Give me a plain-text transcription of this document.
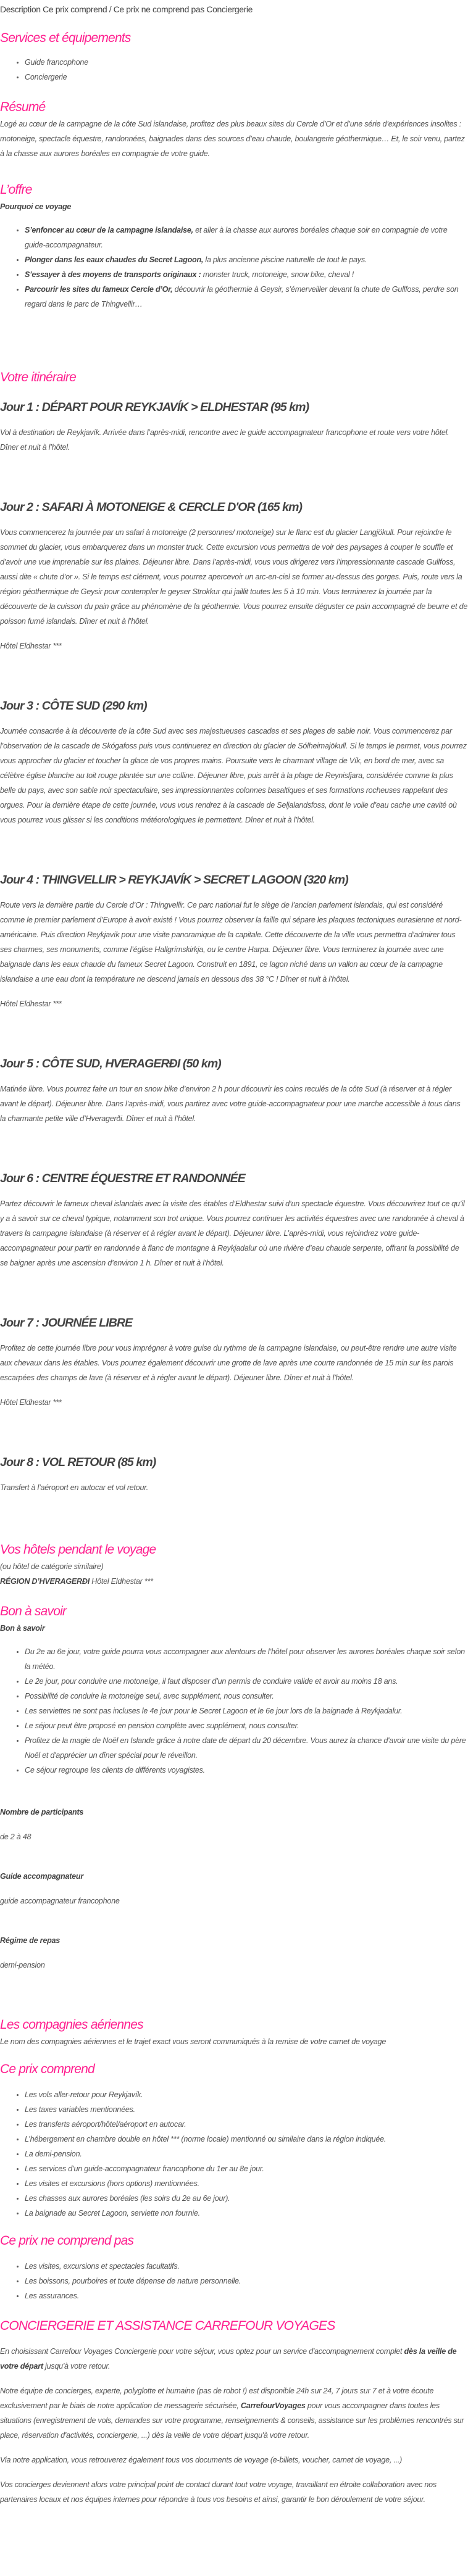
Description Ce prix comprend / Ce prix ne comprend pas Conciergerie
Services et équipements
• Guide francophone
• Conciergerie
Résumé

Logé au cœur de la campagne de la côte Sud islandaise, profitez des plus beaux sites du Cercle d’Or et d’une série d’expériences insolites : motoneige, spectacle équestre, randonnées, baignades dans des sources d’eau chaude, boulangerie géothermique… Et, le soir venu, partez à la chasse aux aurores boréales en compagnie de votre guide.

L’offre

Pourquoi ce voyage

• S’enfoncer au cœur de la campagne islandaise, et aller à la chasse aux aurores boréales chaque soir en compagnie de votre guide-accompagnateur.
• Plonger dans les eaux chaudes du Secret Lagoon, la plus ancienne piscine naturelle de tout le pays.
• S’essayer à des moyens de transports originaux : monster truck, motoneige, snow bike, cheval !
• Parcourir les sites du fameux Cercle d’Or, découvrir la géothermie à Geysir, s’émerveiller devant la chute de Gullfoss, perdre son regard dans le parc de Thingvellir…
Votre itinéraire
Jour 1 : DÉPART POUR REYKJAVÍK > ELDHESTAR (95 km)

Vol à destination de Reykjavík. Arrivée dans l’après-midi, rencontre avec le guide accompagnateur francophone et route vers votre hôtel. Dîner et nuit à l’hôtel.

Jour 2 : SAFARI À MOTONEIGE & CERCLE D'OR (165 km)

Vous commencerez la journée par un safari à motoneige (2 personnes/ motoneige) sur le flanc est du glacier Langjökull. Pour rejoindre le sommet du glacier, vous embarquerez dans un monster truck. Cette excursion vous permettra de voir des paysages à couper le souffle et d’avoir une vue imprenable sur les plaines. Déjeuner libre. Dans l’après-midi, vous vous dirigerez vers l’impressionnante cascade Gullfoss, aussi dite « chute d’or ». Si le temps est clément, vous pourrez apercevoir un arc-en-ciel se former au-dessus des gorges. Puis, route vers la région géothermique de Geysir pour contempler le geyser Strokkur qui jaillit toutes les 5 à 10 min. Vous terminerez la journée par la découverte de la cuisson du pain grâce au phénomène de la géothermie. Vous pourrez ensuite déguster ce pain accompagné de beurre et de poisson fumé islandais. Dîner et nuit à l’hôtel.

Hôtel Eldhestar ***

Jour 3 : CÔTE SUD (290 km)

Journée consacrée à la découverte de la côte Sud avec ses majestueuses cascades et ses plages de sable noir. Vous commencerez par l’observation de la cascade de Skógafoss puis vous continuerez en direction du glacier de Sólheimajökull. Si le temps le permet, vous pourrez vous approcher du glacier et toucher la glace de vos propres mains. Poursuite vers le charmant village de Vík, en bord de mer, avec sa célèbre église blanche au toit rouge plantée sur une colline. Déjeuner libre, puis arrêt à la plage de Reynisfjara, considérée comme la plus belle du pays, avec son sable noir spectaculaire, ses impressionnantes colonnes basaltiques et ses formations rocheuses rappelant des orgues. Pour la dernière étape de cette journée, vous vous rendrez à la cascade de Seljalandsfoss, dont le voile d’eau cache une cavité où vous pourrez vous glisser si les conditions météorologiques le permettent. Dîner et nuit à l’hôtel.

Jour 4 : THINGVELLIR > REYKJAVÍK > SECRET LAGOON (320 km)

Route vers la dernière partie du Cercle d’Or : Thingvellir. Ce parc national fut le siège de l’ancien parlement islandais, qui est considéré comme le premier parlement d’Europe à avoir existé ! Vous pourrez observer la faille qui sépare les plaques tectoniques eurasienne et nord-américaine. Puis direction Reykjavík pour une visite panoramique de la capitale. Cette découverte de la ville vous permettra d’admirer tous ses charmes, ses monuments, comme l’église Hallgrímskirkja, ou le centre Harpa. Déjeuner libre. Vous terminerez la journée avec une baignade dans les eaux chaude du fameux Secret Lagoon. Construit en 1891, ce lagon niché dans un vallon au cœur de la campagne islandaise a une eau dont la température ne descend jamais en dessous des 38 °C ! Dîner et nuit à l’hôtel.

Hôtel Eldhestar ***

Jour 5 : CÔTE SUD, HVERAGERÐI (50 km)

Matinée libre. Vous pourrez faire un tour en snow bike d’environ 2 h pour découvrir les coins reculés de la côte Sud (à réserver et à régler avant le départ). Déjeuner libre. Dans l’après-midi, vous partirez avec votre guide-accompagnateur pour une marche accessible à tous dans la charmante petite ville d’Hveragerði. Dîner et nuit à l’hôtel.

Jour 6 : CENTRE ÉQUESTRE ET RANDONNÉE

Partez découvrir le fameux cheval islandais avec la visite des étables d’Eldhestar suivi d’un spectacle équestre. Vous découvrirez tout ce qu’il y a à savoir sur ce cheval typique, notamment son trot unique. Vous pourrez continuer les activités équestres avec une randonnée à cheval à travers la campagne islandaise (à réserver et à régler avant le départ). Déjeuner libre. L’après-midi, vous rejoindrez votre guide-accompagnateur pour partir en randonnée à flanc de montagne à Reykjadalur où une rivière d’eau chaude serpente, offrant la possibilité de se baigner après une ascension d’environ 1 h. Dîner et nuit à l’hôtel.

Jour 7 : JOURNÉE LIBRE

Profitez de cette journée libre pour vous imprégner à votre guise du rythme de la campagne islandaise, ou peut-être rendre une autre visite aux chevaux dans les étables. Vous pourrez également découvrir une grotte de lave après une courte randonnée de 15 min sur les parois escarpées des champs de lave (à réserver et à régler avant le départ). Déjeuner libre. Dîner et nuit à l’hôtel.

Hôtel Eldhestar ***

Jour 8 : VOL RETOUR (85 km)

Transfert à l’aéroport en autocar et vol retour.

Vos hôtels pendant le voyage

(ou hôtel de catégorie similaire)

RÉGION D’HVERAGERÐI Hôtel Eldhestar ***

Bon à savoir

Bon à savoir

• Du 2e au 6e jour, votre guide pourra vous accompagner aux alentours de l’hôtel pour observer les aurores boréales chaque soir selon la météo.
• Le 2e jour, pour conduire une motoneige, il faut disposer d’un permis de conduire valide et avoir au moins 18 ans.
• Possibilité de conduire la motoneige seul, avec supplément, nous consulter.
• Les serviettes ne sont pas incluses le 4e jour pour le Secret Lagoon et le 6e jour lors de la baignade à Reykjadalur.
• Le séjour peut être proposé en pension complète avec supplément, nous consulter.
• Profitez de la magie de Noël en Islande grâce à notre date de départ du 20 décembre. Vous aurez la chance d'avoir une visite du père Noël et d'apprécier un dîner spécial pour le réveillon.
• Ce séjour regroupe les clients de différents voyagistes.

Nombre de participants

de 2 à 48

Guide accompagnateur

guide accompagnateur francophone

Régime de repas

demi-pension

Les compagnies aériennes

Le nom des compagnies aériennes et le trajet exact vous seront communiqués à la remise de votre carnet de voyage

Ce prix comprend
• Les vols aller-retour pour Reykjavík.
• Les taxes variables mentionnées.
• Les transferts aéroport/hôtel/aéroport en autocar.
• L’hébergement en chambre double en hôtel *** (norme locale) mentionné ou similaire dans la région indiquée.
• La demi-pension.
• Les services d’un guide-accompagnateur francophone du 1er au 8e jour.
• Les visites et excursions (hors options) mentionnées.
• Les chasses aux aurores boréales (les soirs du 2e au 6e jour).
• La baignade au Secret Lagoon, serviette non fournie.
Ce prix ne comprend pas
• Les visites, excursions et spectacles facultatifs.
• Les boissons, pourboires et toute dépense de nature personnelle.
• Les assurances.
CONCIERGERIE ET ASSISTANCE CARREFOUR VOYAGES

En choisissant Carrefour Voyages Conciergerie pour votre séjour, vous optez pour un service d'accompagnement complet dès la veille de votre départ jusqu'à votre retour.

Notre équipe de concierges, experte, polyglotte et humaine (pas de robot !) est disponible 24h sur 24, 7 jours sur 7 et à votre écoute exclusivement par le biais de notre application de messagerie sécurisée, CarrefourVoyages pour vous accompagner dans toutes les situations (enregistrement de vols, demandes sur votre programme, renseignements & conseils, assistance sur les problèmes rencontrés sur place, réservation d'activités, conciergerie, ...) dès la veille de votre départ jusqu'à votre retour.

Via notre application, vous retrouverez également tous vos documents de voyage (e-billets, voucher, carnet de voyage, ...)

Vos concierges deviennent alors votre principal point de contact durant tout votre voyage, travaillant en étroite collaboration avec nos partenaires locaux et nos équipes internes pour répondre à tous vos besoins et ainsi, garantir le bon déroulement de votre séjour.
